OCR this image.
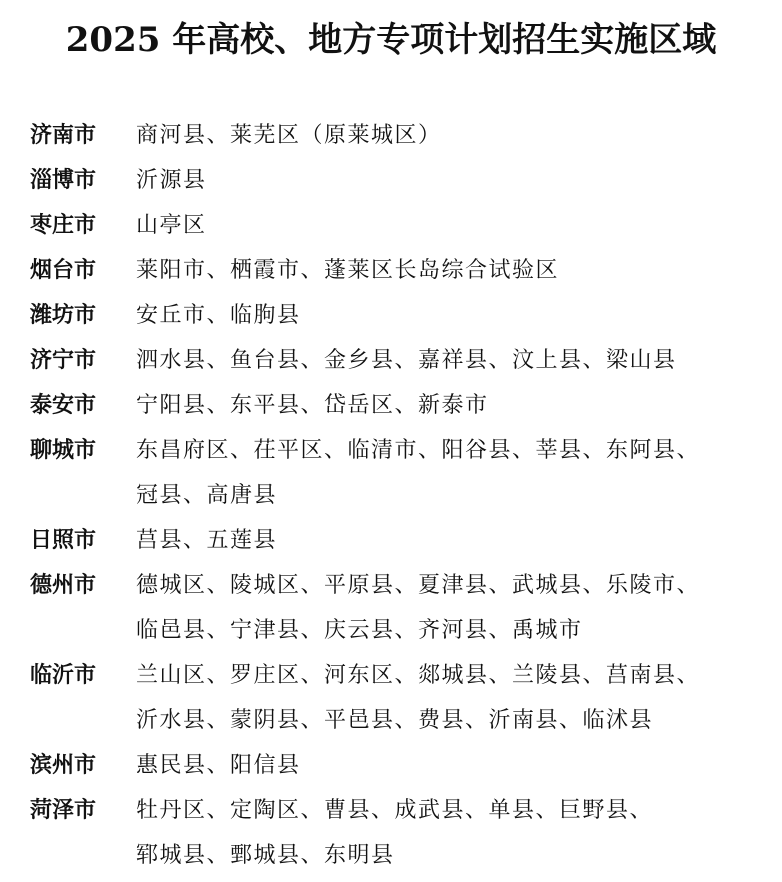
2025 年高校、地方专项计划招生实施区域
济南市	商河县、莱芜区（原莱城区）
淄博市	沂源县
枣庄市	山亭区
烟台市	莱阳市、栖霞市、蓬莱区长岛综合试验区
潍坊市	安丘市、临朐县
济宁市	泗水县、鱼台县、金乡县、嘉祥县、汶上县、梁山县
泰安市	宁阳县、东平县、岱岳区、新泰市
聊城市	东昌府区、茌平区、临清市、阳谷县、莘县、东阿县、
冠县、高唐县
日照市	莒县、五莲县
德州市	德城区、陵城区、平原县、夏津县、武城县、乐陵市、
临邑县、宁津县、庆云县、齐河县、禹城市
临沂市	兰山区、罗庄区、河东区、郯城县、兰陵县、莒南县、
沂水县、蒙阴县、平邑县、费县、沂南县、临沭县
滨州市	惠民县、阳信县
菏泽市	牡丹区、定陶区、曹县、成武县、单县、巨野县、
郓城县、鄄城县、东明县
